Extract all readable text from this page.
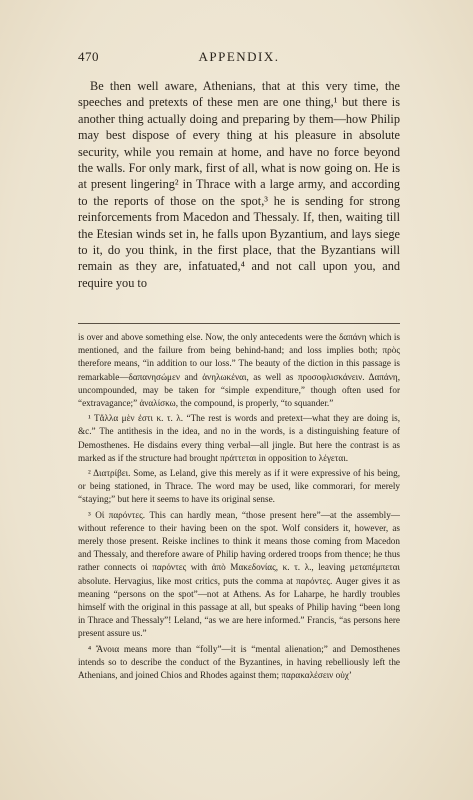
470	APPENDIX.

Be then well aware, Athenians, that at this very time, the speeches and pretexts of these men are one thing,¹ but there is another thing actually doing and preparing by them—how Philip may best dispose of every thing at his pleasure in absolute security, while you remain at home, and have no force beyond the walls. For only mark, first of all, what is now going on. He is at present lingering² in Thrace with a large army, and according to the reports of those on the spot,³ he is sending for strong reinforcements from Macedon and Thessaly. If, then, waiting till the Etesian winds set in, he falls upon Byzantium, and lays siege to it, do you think, in the first place, that the Byzantians will remain as they are, infatuated,⁴ and not call upon you, and require you to

is over and above something else. Now, the only antecedents were the δαπάνη which is mentioned, and the failure from being behind-hand; and loss implies both; πρὸς therefore means, “in addition to our loss.” The beauty of the diction in this passage is remarkable—δαπανησώμεν and ἀνηλωκέναι, as well as προσοφλισκάνειν. Δαπάνη, uncompounded, may be taken for “simple expenditure,” though often used for “extravagance;” ἀναλίσκω, the compound, is properly, “to squander.”

¹ Τἄλλα μὲν ἐστι κ. τ. λ. “The rest is words and pretext—what they are doing is, &c.” The antithesis in the idea, and no in the words, is a distinguishing feature of Demosthenes. He disdains every thing verbal—all jingle. But here the contrast is as marked as if the structure had brought πράττεται in opposition to λέγεται.

² Διατρίβει. Some, as Leland, give this merely as if it were expressive of his being, or being stationed, in Thrace. The word may be used, like commorari, for merely “staying;” but here it seems to have its original sense.

³ Οἱ παρόντες. This can hardly mean, “those present here”—at the assembly—without reference to their having been on the spot. Wolf considers it, however, as merely those present. Reiske inclines to think it means those coming from Macedon and Thessaly, and therefore aware of Philip having ordered troops from thence; he thus rather connects οἱ παρόντες with ἀπὸ Μακεδονίας, κ. τ. λ., leaving μεταπέμπεται absolute. Hervagius, like most critics, puts the comma at παρόντες. Auger gives it as meaning “persons on the spot”—not at Athens. As for Laharpe, he hardly troubles himself with the original in this passage at all, but speaks of Philip having “been long in Thrace and Thessaly”! Leland, “as we are here informed.” Francis, “as persons here present assure us.”

⁴ Ἄνοια means more than “folly”—it is “mental alienation;” and Demosthenes intends so to describe the conduct of the Byzantines, in having rebelliously left the Athenians, and joined Chios and Rhodes against them; παρακαλέσειν οὐχ’
